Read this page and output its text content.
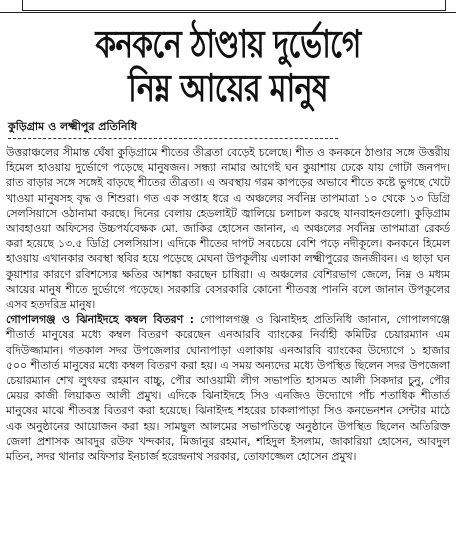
কনকনে ঠাণ্ডায় দুর্ভোগে
নিম্ন আয়ের মানুষ
কুড়িগ্রাম ও লক্ষ্মীপুর প্রতিনিধি

উত্তরাঞ্চলের সীমান্ত ঘেঁষা কুড়িগ্রামে শীতের তীব্রতা বেড়েই চলেছে। শীত ও কনকনে ঠাণ্ডার সঙ্গে উত্তরীয় হিমেল হাওয়ায় দুর্ভোগে পড়েছে মানুষজন। সন্ধ্যা নামার আগেই ঘন কুয়াশায় ঢেকে যায় গোটা জনপদ। রাত বাড়ার সঙ্গে সঙ্গেই বাড়ছে শীতের তীব্রতা। এ অবস্থায় গরম কাপড়ের অভাবে শীতে কষ্টে ভুগছে খেটে খাওয়া মানুষসহ বৃদ্ধ ও শিশুরা। গত এক সপ্তাহ ধরে এ অঞ্চলের সর্বনিম্ন তাপমাত্রা ১০ থেকে ১৩ ডিগ্রি সেলসিয়াসে ওঠানামা করছে। দিনের বেলায় হেডলাইট জ্বালিয়ে চলাচল করছে যানবাহনগুলো। কুড়িগ্রাম আবহাওয়া অফিসের উচ্চপর্যবেক্ষক মো. জাকির হোসেন জানান, এ অঞ্চলের সর্বনিম্ন তাপমাত্রা রেকর্ড করা হয়েছে ১৩.৫ ডিগ্রি সেলসিয়াস। এদিকে শীতের দাপট সবচেয়ে বেশি পড়ে নদীকূলে। কনকনে হিমেল হাওয়ায় এখানকার অবস্থা স্থবির হয়ে পড়েছে মেঘনা উপকূলীয় এলাকা লক্ষ্মীপুরের জনজীবন। এ ছাড়া ঘন কুয়াশার কারণে রবিশস্যের ক্ষতির আশঙ্কা করছেন চাষিরা। এ অঞ্চলের বেশিরভাগ জেলে, নিম্ন ও মধ্যম আয়ের মানুষ শীতে দুর্ভোগে পড়েছে। সরকারি বেসরকারি কোনো শীতবস্ত্র পাননি বলে জানান উপকূলের এসব হতদরিদ্র মানুষ।

গোপালগঞ্জ ও ঝিনাইদহে কম্বল বিতরণ : গোপালগঞ্জ ও ঝিনাইদহ প্রতিনিধি জানান, গোপালগঞ্জে শীতার্ত মানুষের মধ্যে কম্বল বিতরণ করেছেন এনআরবি ব্যাংকের নির্বাহী কমিটির চেয়ারম্যান এম বদিউজ্জামান। গতকাল সদর উপজেলার ঘোনাপাড়া এলাকায় এনআরবি ব্যাংকের উদ্যোগে ১ হাজার ৫০০ শীতার্ত মানুষের মধ্যে কম্বল বিতরণ করা হয়। এ সময় অন্যদের মধ্যে উপস্থিত ছিলেন সদর উপজেলা চেয়ারম্যান শেখ লুৎফর রহমান বাচ্চু, পৌর আওয়ামী লীগ সভাপতি হাসমত আলী সিকদার চুনু, পৌর মেয়র কাজী লিয়াকত আলী প্রমুখ। এদিকে ঝিনাইদহে সিও এনজিও উদ্যোগে পাঁচ শতাধিক শীতার্ত মানুষের মাঝে শীতবস্ত্র বিতরণ করা হয়েছে। ঝিনাইদহ শহরের চাকলাপাড়া সিও কনভেনশন সেন্টার মাঠে এক অনুষ্ঠানের আয়োজন করা হয়। সামছুল আলমের সভাপতিত্বে অনুষ্ঠানে উপস্থিত ছিলেন অতিরিক্ত জেলা প্রশাসক আবদুর রউফ খন্দকার, মিজানুর রহমান, শহিদুল ইসলাম, জাকারিয়া হোসেন, আবদুল মতিন, সদর থানার অফিসার ইনচার্জ হরেন্দ্রনাথ সরকার, তোফাজ্জেল হোসেন প্রমুখ।
